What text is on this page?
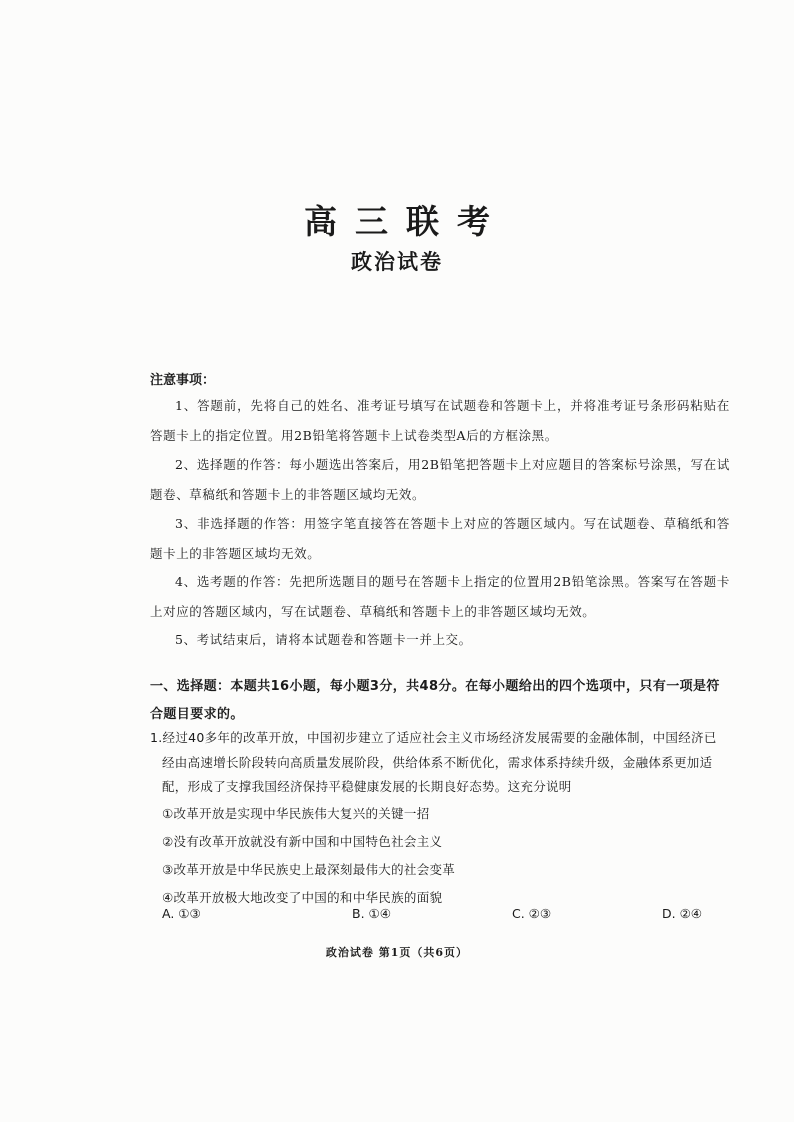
高三联考
政治试卷
注意事项：

1、答题前，先将自己的姓名、准考证号填写在试题卷和答题卡上，并将准考证号条形码粘贴在答题卡上的指定位置。用2B铅笔将答题卡上试卷类型A后的方框涂黑。

2、选择题的作答：每小题选出答案后，用2B铅笔把答题卡上对应题目的答案标号涂黑，写在试题卷、草稿纸和答题卡上的非答题区域均无效。

3、非选择题的作答：用签字笔直接答在答题卡上对应的答题区域内。写在试题卷、草稿纸和答题卡上的非答题区域均无效。

4、选考题的作答：先把所选题目的题号在答题卡上指定的位置用2B铅笔涂黑。答案写在答题卡上对应的答题区域内，写在试题卷、草稿纸和答题卡上的非答题区域均无效。

5、考试结束后，请将本试题卷和答题卡一并上交。

一、选择题：本题共16小题，每小题3分，共48分。在每小题给出的四个选项中，只有一项是符合题目要求的。

1.经过40多年的改革开放，中国初步建立了适应社会主义市场经济发展需要的金融体制，中国经济已经由高速增长阶段转向高质量发展阶段，供给体系不断优化，需求体系持续升级，金融体系更加适配，形成了支撑我国经济保持平稳健康发展的长期良好态势。这充分说明

①改革开放是实现中华民族伟大复兴的关键一招

②没有改革开放就没有新中国和中国特色社会主义

③改革开放是中华民族史上最深刻最伟大的社会变革

④改革开放极大地改变了中国的和中华民族的面貌

A. ①③	B. ①④	C. ②③	D. ②④
政治试卷 第1页（共6页）
